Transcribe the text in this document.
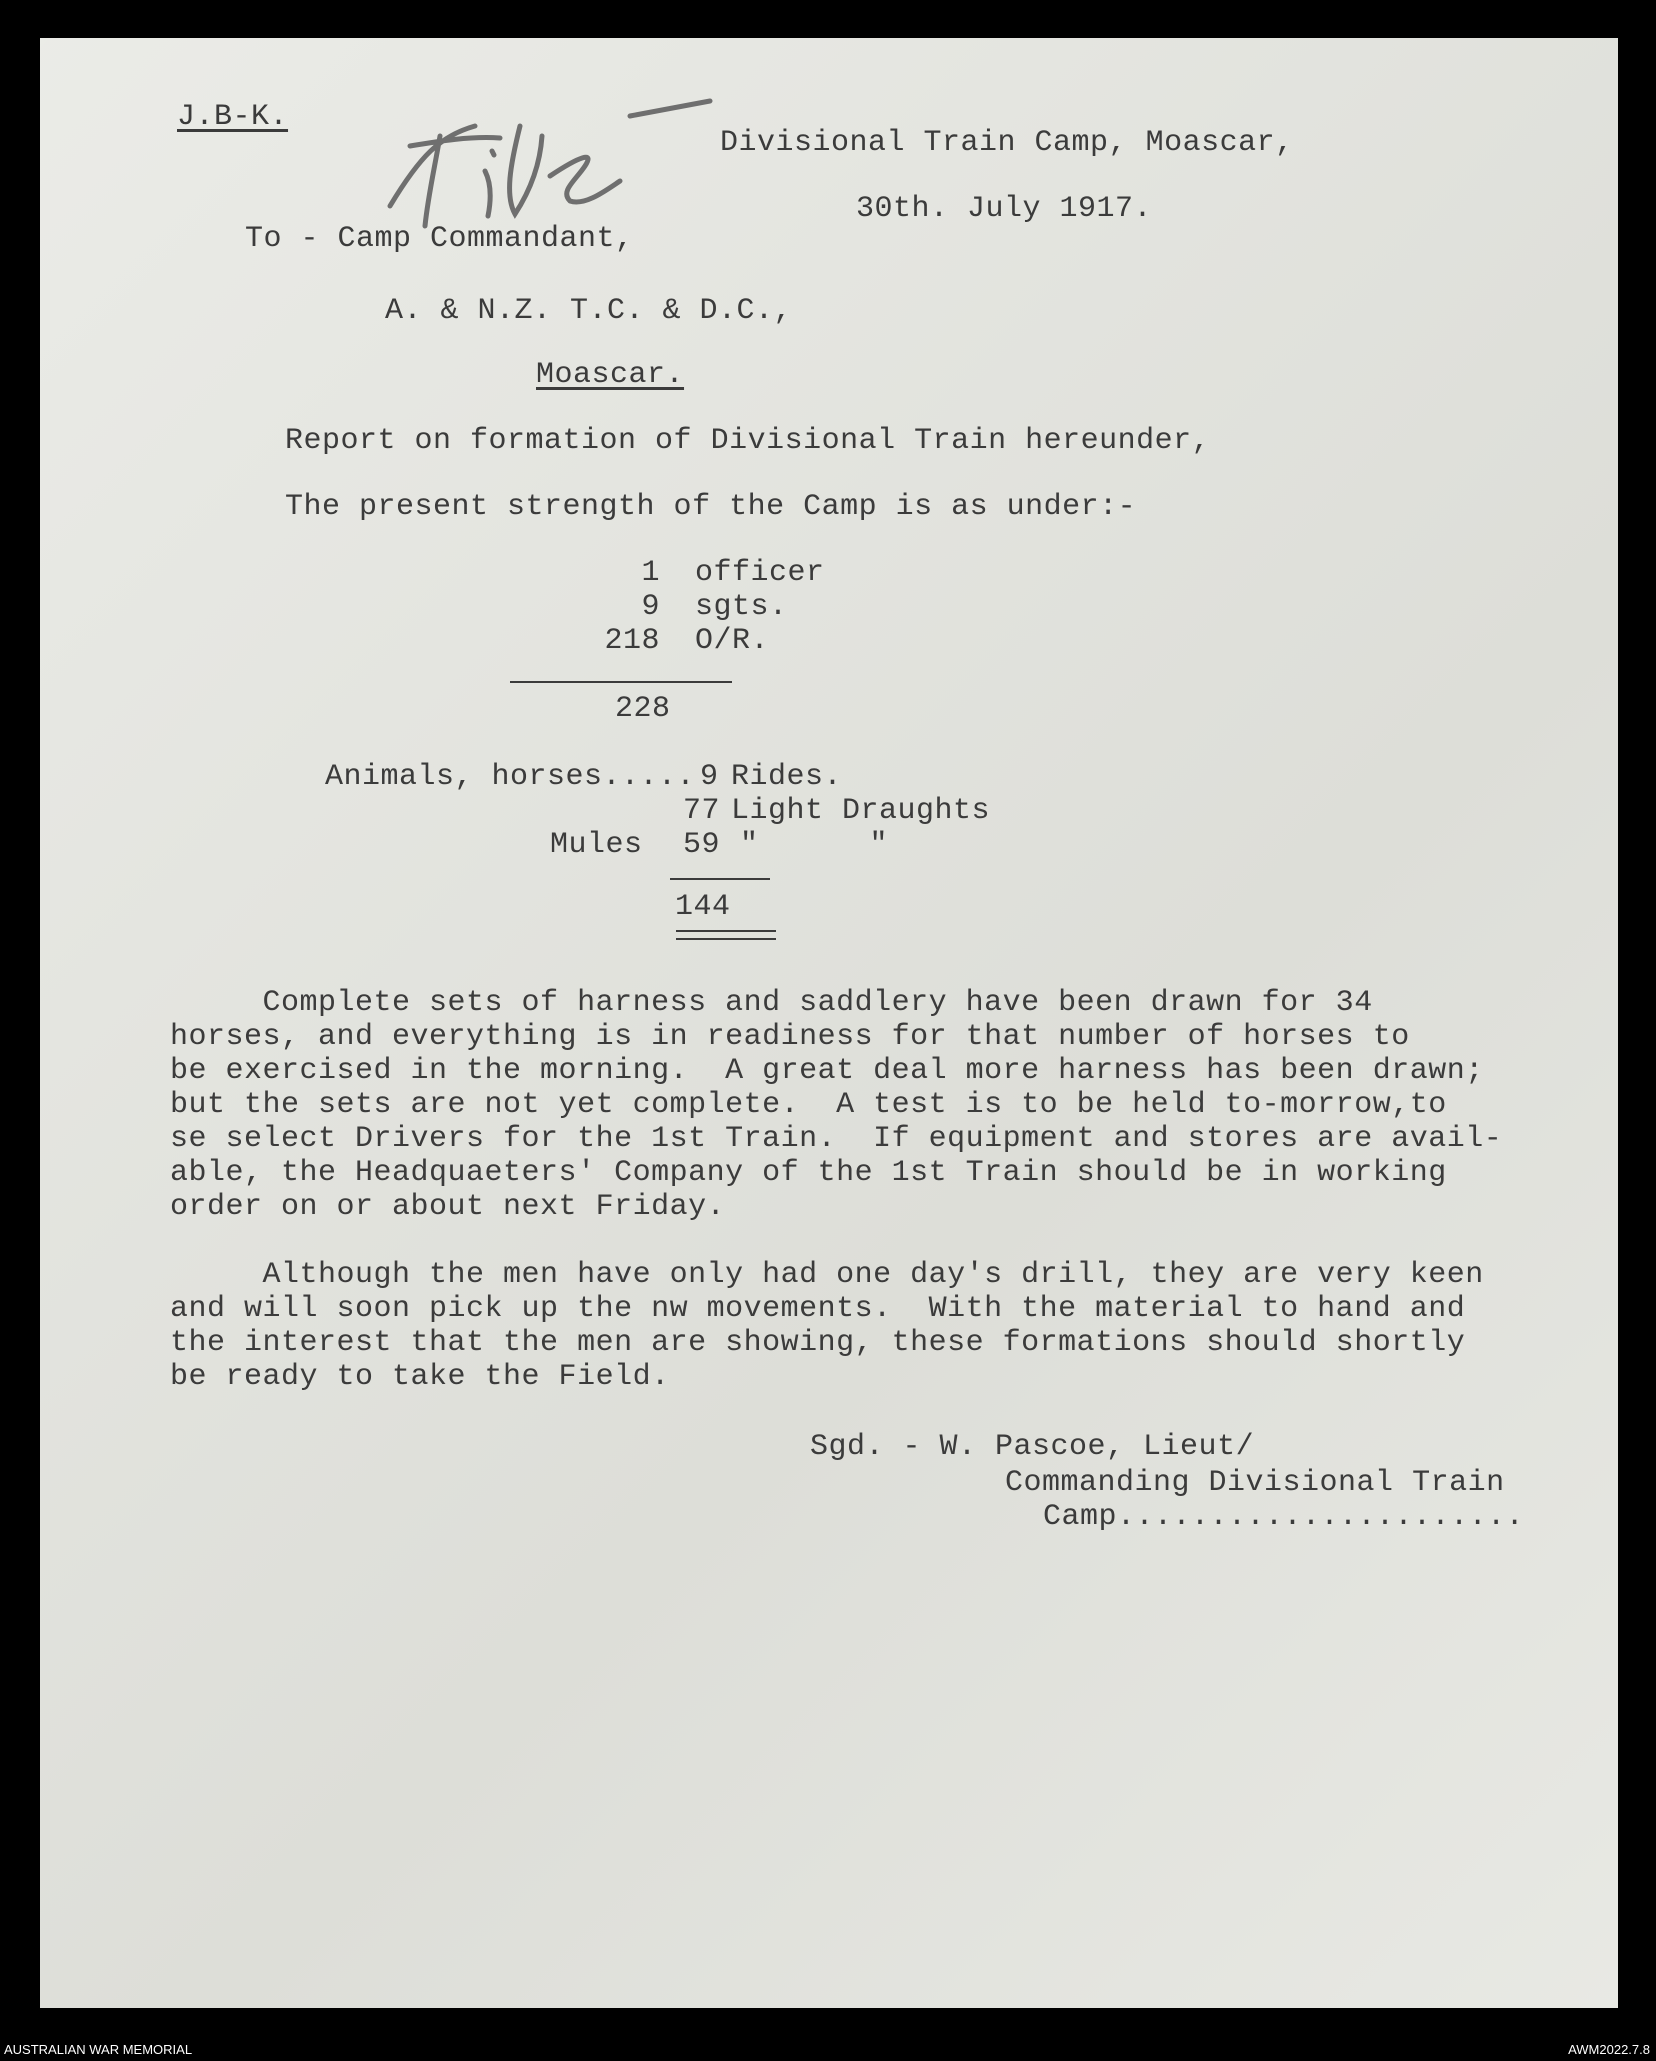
J.B-K.
Divisional Train Camp, Moascar,
30th. July 1917.
To - Camp Commandant,
A. & N.Z. T.C. & D.C.,
Moascar.
Report on formation of Divisional Train hereunder,
The present strength of the Camp is as under:-
1 officer
9 sgts.
218 O/R.
228
Animals, horses..... 9 Rides.
77 Light Draughts
Mules	59 "      "
144
Complete sets of harness and saddlery have been drawn for 34
horses, and everything is in readiness for that number of horses to
be exercised in the morning.  A great deal more harness has been drawn;
but the sets are not yet complete.  A test is to be held to-morrow,to
se select Drivers for the 1st Train.  If equipment and stores are avail-
able, the Headquaeters' Company of the 1st Train should be in working
order on or about next Friday.
Although the men have only had one day's drill, they are very keen
and will soon pick up the nw movements.  With the material to hand and
the interest that the men are showing, these formations should shortly
be ready to take the Field.
Sgd. - W. Pascoe, Lieut/
Commanding Divisional Train
Camp......................
AUSTRALIAN WAR MEMORIAL	AWM2022.7.8
